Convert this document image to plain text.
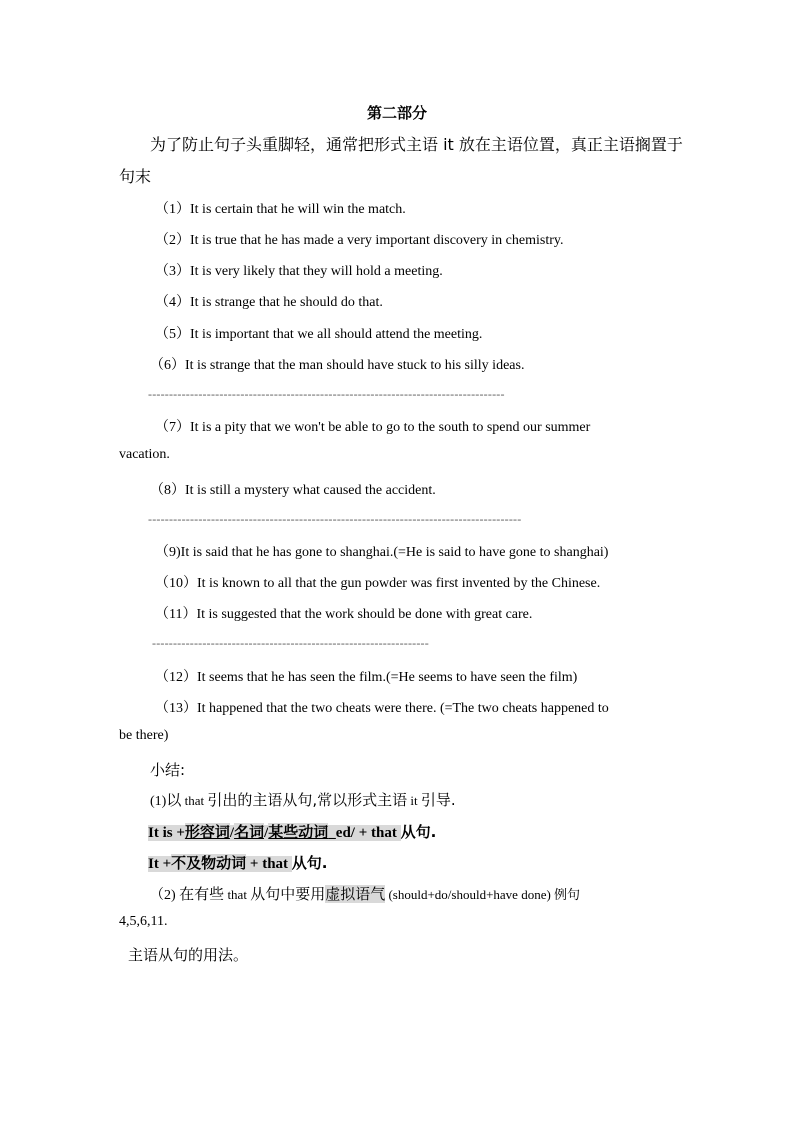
第二部分
为了防止句子头重脚轻，通常把形式主语 it 放在主语位置，真正主语搁置于
句末
（1）It is certain that he will win the match.
（2）It is true that he has made a very important discovery in chemistry.
（3）It is very likely that they will hold a meeting.
（4）It is strange that he should do that.
（5）It is important that we all should attend the meeting.
（6）It is strange that the man should have stuck to his silly ideas.
-------------------------------------------------------------------------------------
（7）It is a pity that we won't be able to go to the south to spend our summer
vacation.
（8）It is still a mystery what caused the accident.
-----------------------------------------------------------------------------------------
（9)It is said that he has gone to shanghai.(=He is said to have gone to shanghai)
（10）It is known to all that the gun powder was first invented by the Chinese.
（11）It is suggested that the work should be done with great care.
------------------------------------------------------------------
（12）It seems that he has seen the film.(=He seems to have seen the film)
（13）It happened that the two cheats were there. (=The two cheats happened to
be there)
小结:
(1)以 that 引出的主语从句,常以形式主语 it 引导.
It is +形容词/名词/某些动词_ed/ + that 从句.
It +不及物动词 + that 从句.
（2) 在有些 that 从句中要用虚拟语气 (should+do/should+have done) 例句
4,5,6,11.
主语从句的用法。
